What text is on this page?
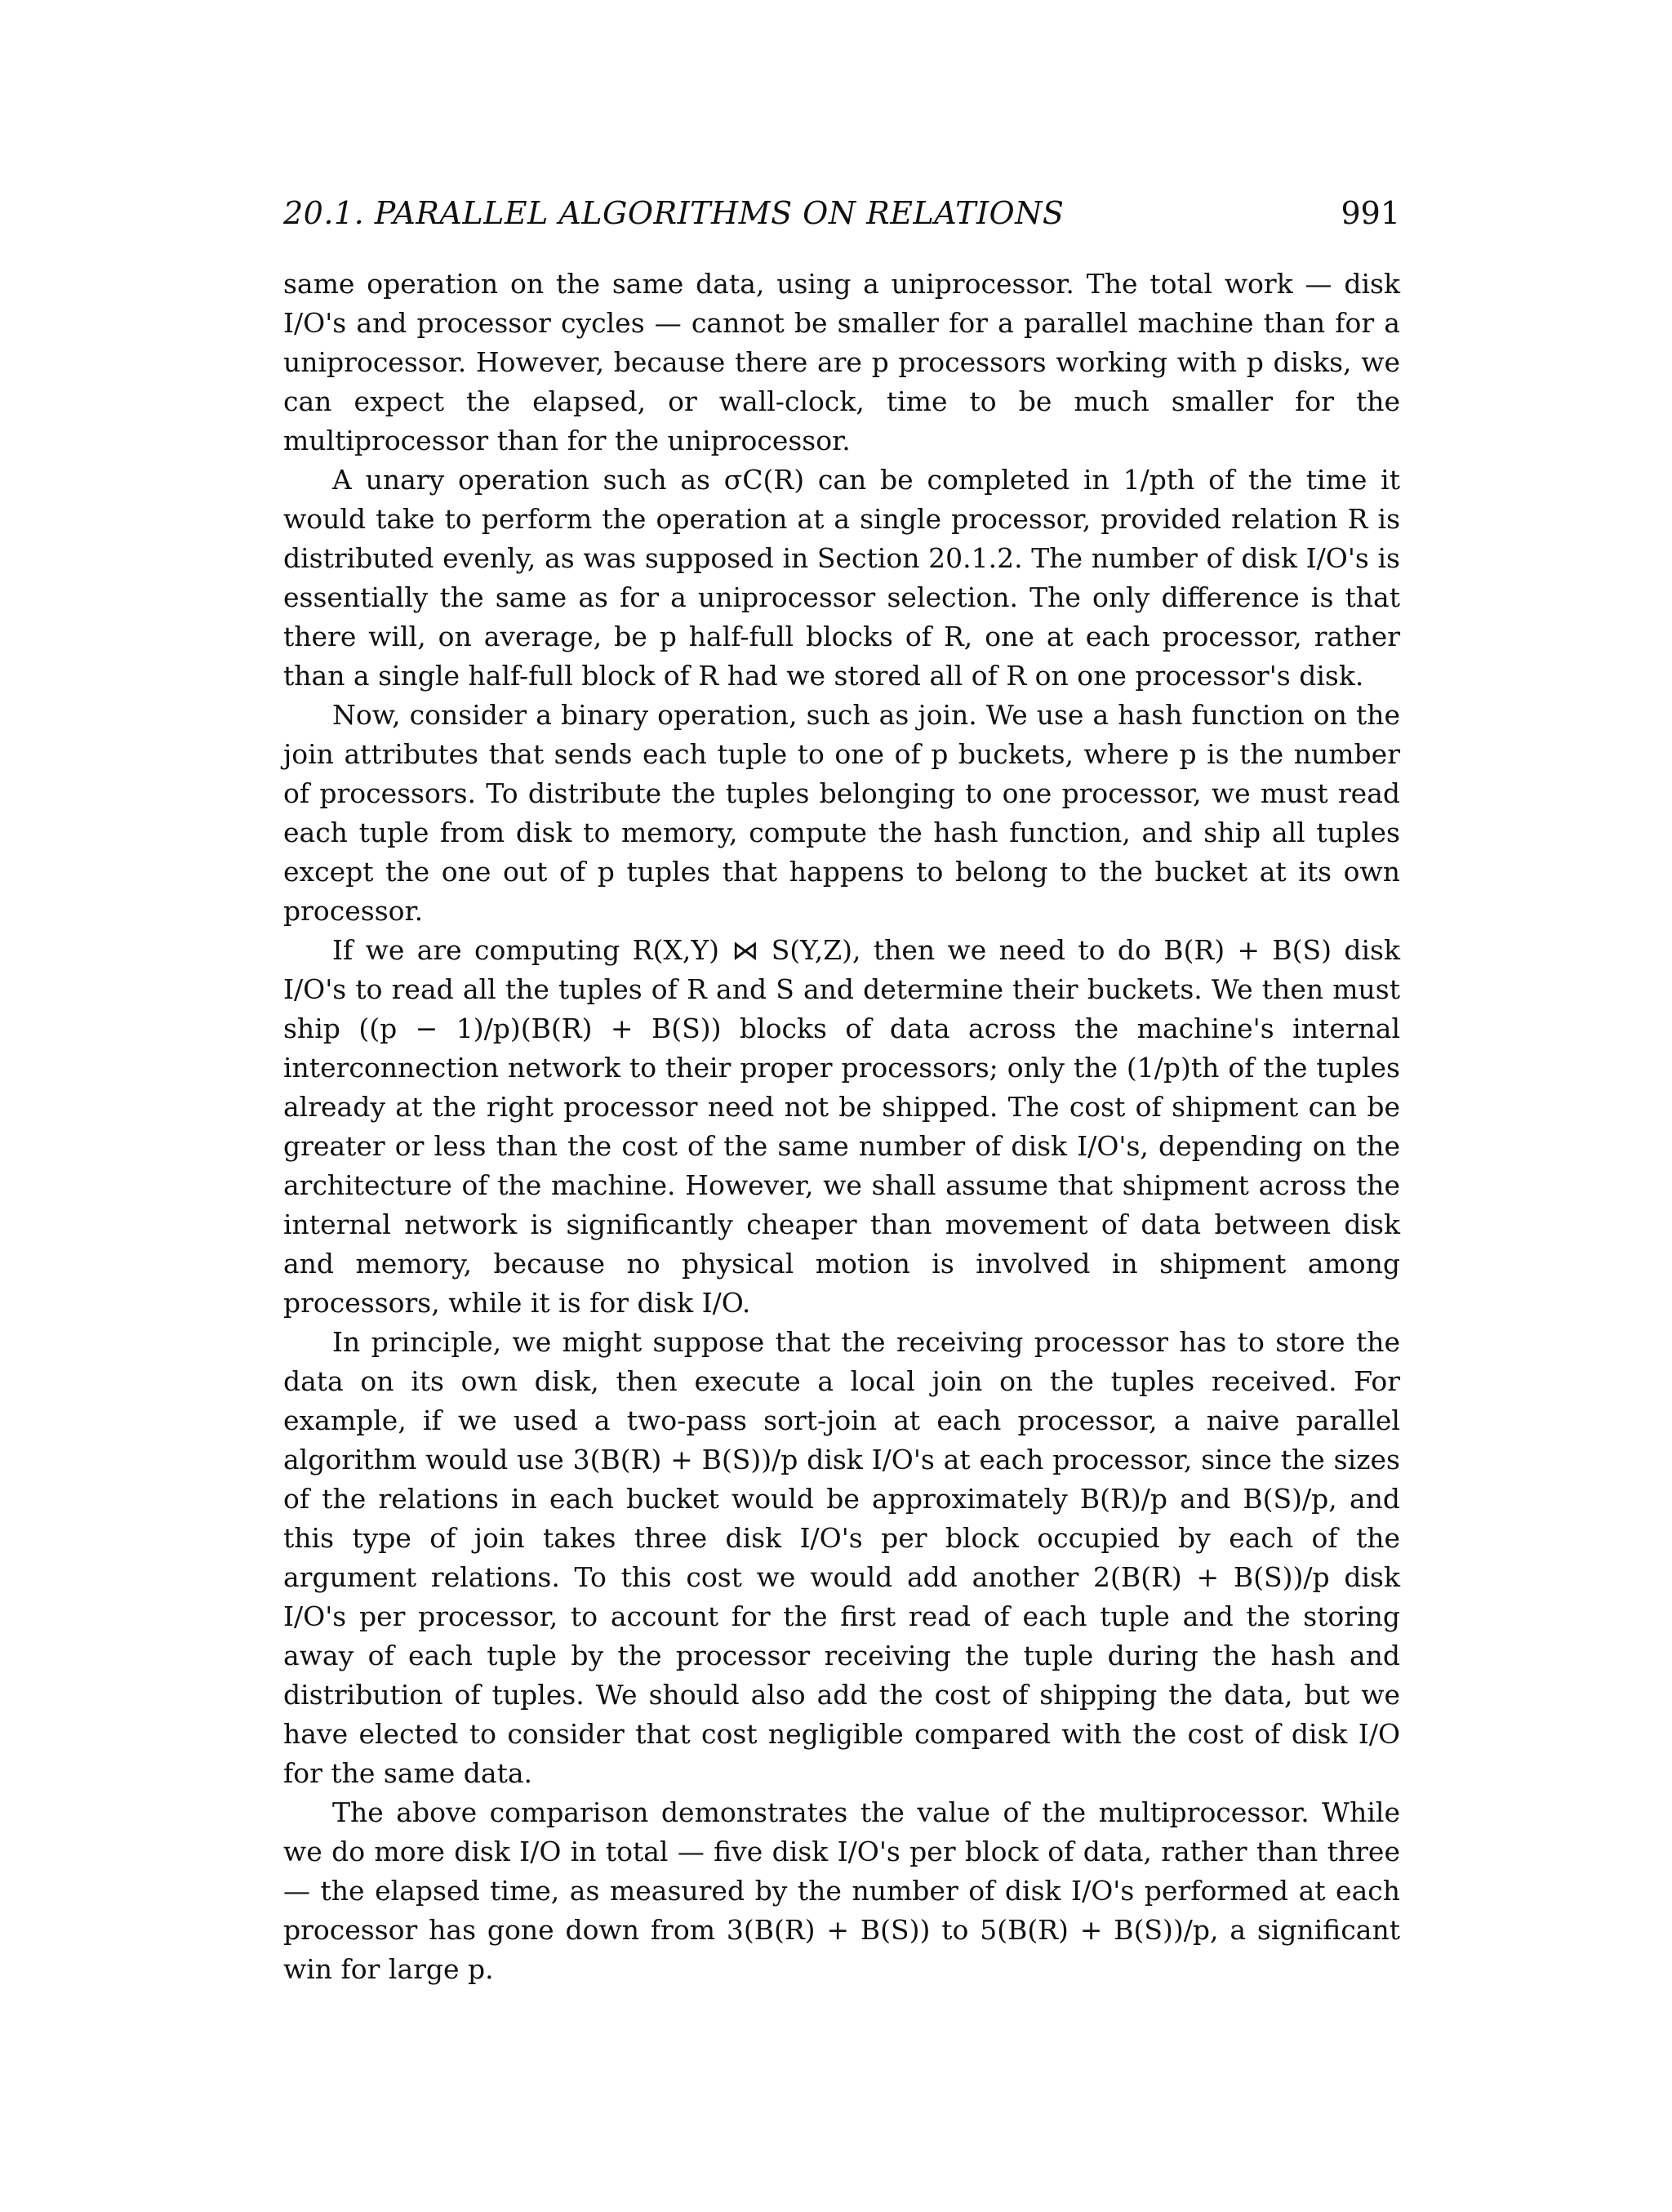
20.1. PARALLEL ALGORITHMS ON RELATIONS	991

same operation on the same data, using a uniprocessor. The total work — disk I/O's and processor cycles — cannot be smaller for a parallel machine than for a uniprocessor. However, because there are p processors working with p disks, we can expect the elapsed, or wall-clock, time to be much smaller for the multiprocessor than for the uniprocessor.

A unary operation such as σC(R) can be completed in 1/pth of the time it would take to perform the operation at a single processor, provided relation R is distributed evenly, as was supposed in Section 20.1.2. The number of disk I/O's is essentially the same as for a uniprocessor selection. The only difference is that there will, on average, be p half-full blocks of R, one at each processor, rather than a single half-full block of R had we stored all of R on one processor's disk.

Now, consider a binary operation, such as join. We use a hash function on the join attributes that sends each tuple to one of p buckets, where p is the number of processors. To distribute the tuples belonging to one processor, we must read each tuple from disk to memory, compute the hash function, and ship all tuples except the one out of p tuples that happens to belong to the bucket at its own processor.

If we are computing R(X,Y) ⋈ S(Y,Z), then we need to do B(R) + B(S) disk I/O's to read all the tuples of R and S and determine their buckets. We then must ship ((p − 1)/p)(B(R) + B(S)) blocks of data across the machine's internal interconnection network to their proper processors; only the (1/p)th of the tuples already at the right processor need not be shipped. The cost of shipment can be greater or less than the cost of the same number of disk I/O's, depending on the architecture of the machine. However, we shall assume that shipment across the internal network is significantly cheaper than movement of data between disk and memory, because no physical motion is involved in shipment among processors, while it is for disk I/O.

In principle, we might suppose that the receiving processor has to store the data on its own disk, then execute a local join on the tuples received. For example, if we used a two-pass sort-join at each processor, a naive parallel algorithm would use 3(B(R) + B(S))/p disk I/O's at each processor, since the sizes of the relations in each bucket would be approximately B(R)/p and B(S)/p, and this type of join takes three disk I/O's per block occupied by each of the argument relations. To this cost we would add another 2(B(R) + B(S))/p disk I/O's per processor, to account for the first read of each tuple and the storing away of each tuple by the processor receiving the tuple during the hash and distribution of tuples. We should also add the cost of shipping the data, but we have elected to consider that cost negligible compared with the cost of disk I/O for the same data.

The above comparison demonstrates the value of the multiprocessor. While we do more disk I/O in total — five disk I/O's per block of data, rather than three — the elapsed time, as measured by the number of disk I/O's performed at each processor has gone down from 3(B(R) + B(S)) to 5(B(R) + B(S))/p, a significant win for large p.
